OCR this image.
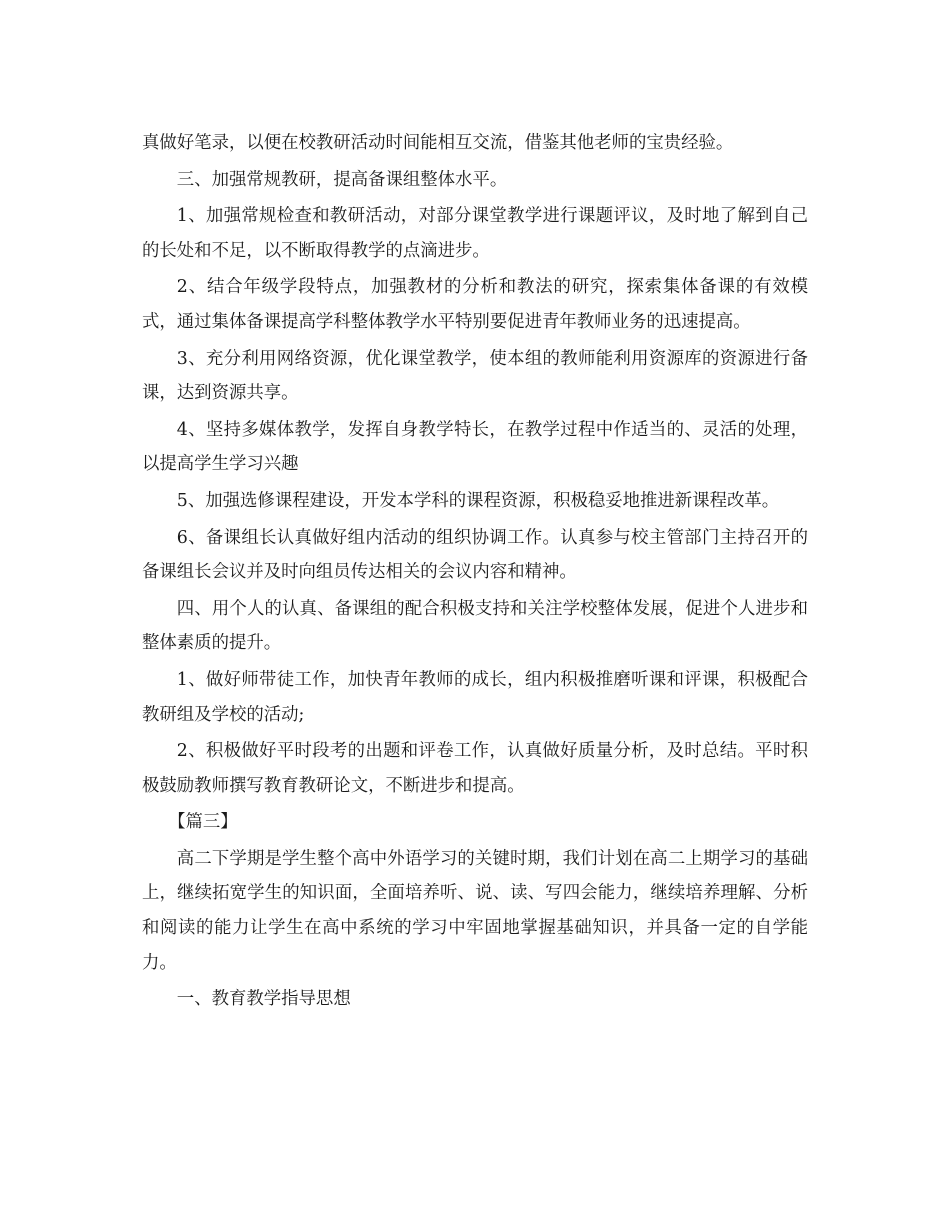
真做好笔录，以便在校教研活动时间能相互交流，借鉴其他老师的宝贵经验。

三、加强常规教研，提高备课组整体水平。

1、加强常规检查和教研活动，对部分课堂教学进行课题评议，及时地了解到自己的长处和不足，以不断取得教学的点滴进步。

2、结合年级学段特点，加强教材的分析和教法的研究，探索集体备课的有效模式，通过集体备课提高学科整体教学水平特别要促进青年教师业务的迅速提高。

3、充分利用网络资源，优化课堂教学，使本组的教师能利用资源库的资源进行备课，达到资源共享。

4、坚持多媒体教学，发挥自身教学特长，在教学过程中作适当的、灵活的处理，以提高学生学习兴趣

5、加强选修课程建设，开发本学科的课程资源，积极稳妥地推进新课程改革。

6、备课组长认真做好组内活动的组织协调工作。认真参与校主管部门主持召开的备课组长会议并及时向组员传达相关的会议内容和精神。

四、用个人的认真、备课组的配合积极支持和关注学校整体发展，促进个人进步和整体素质的提升。

1、做好师带徒工作，加快青年教师的成长，组内积极推磨听课和评课，积极配合教研组及学校的活动;

2、积极做好平时段考的出题和评卷工作，认真做好质量分析，及时总结。平时积极鼓励教师撰写教育教研论文，不断进步和提高。

【篇三】

高二下学期是学生整个高中外语学习的关键时期，我们计划在高二上期学习的基础上，继续拓宽学生的知识面，全面培养听、说、读、写四会能力，继续培养理解、分析和阅读的能力让学生在高中系统的学习中牢固地掌握基础知识，并具备一定的自学能力。

一、教育教学指导思想
